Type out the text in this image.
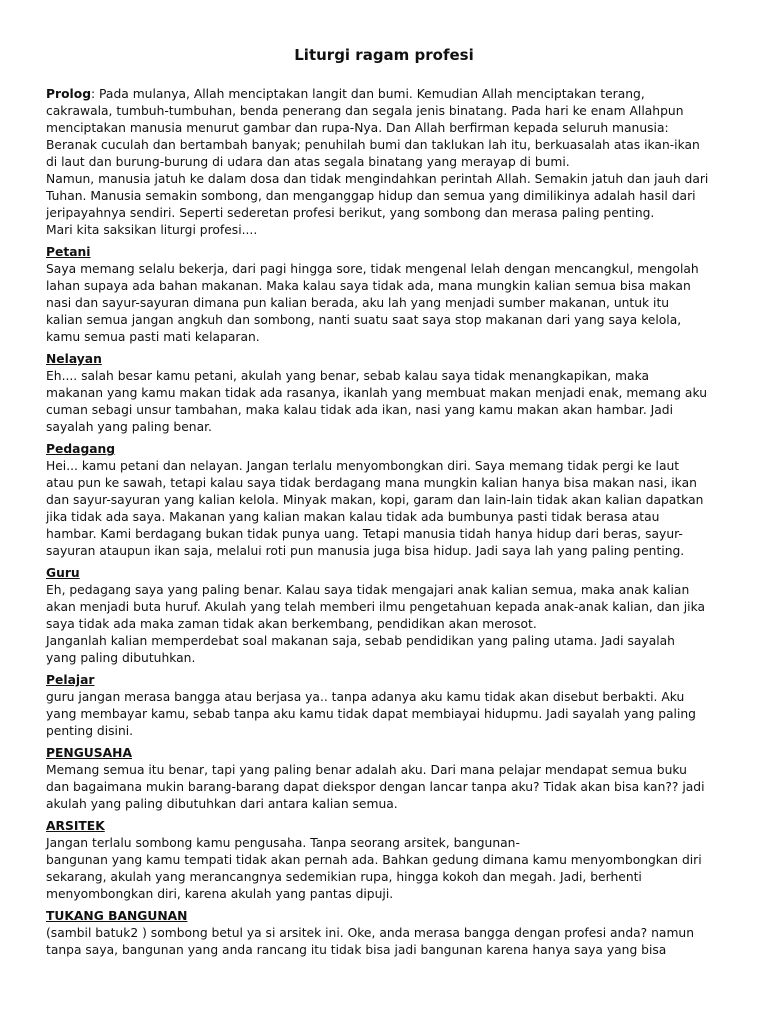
Liturgi ragam profesi
Prolog: Pada mulanya, Allah menciptakan langit dan bumi. Kemudian Allah menciptakan terang,
cakrawala, tumbuh-tumbuhan, benda penerang dan segala jenis binatang. Pada hari ke enam Allahpun
menciptakan manusia menurut gambar dan rupa-Nya. Dan Allah berfirman kepada seluruh manusia:
Beranak cuculah dan bertambah banyak; penuhilah bumi dan taklukan lah itu, berkuasalah atas ikan-ikan
di laut dan burung-burung di udara dan atas segala binatang yang merayap di bumi.
Namun, manusia jatuh ke dalam dosa dan tidak mengindahkan perintah Allah. Semakin jatuh dan jauh dari
Tuhan. Manusia semakin sombong, dan menganggap hidup dan semua yang dimilikinya adalah hasil dari
jeripayahnya sendiri. Seperti sederetan profesi berikut, yang sombong dan merasa paling penting.
Mari kita saksikan liturgi profesi....
Petani
Saya memang selalu bekerja, dari pagi hingga sore, tidak mengenal lelah dengan mencangkul, mengolah
lahan supaya ada bahan makanan. Maka kalau saya tidak ada, mana mungkin kalian semua bisa makan
nasi dan sayur-sayuran dimana pun kalian berada, aku lah yang menjadi sumber makanan, untuk itu
kalian semua jangan angkuh dan sombong, nanti suatu saat saya stop makanan dari yang saya kelola,
kamu semua pasti mati kelaparan.
Nelayan
Eh.... salah besar kamu petani, akulah yang benar, sebab kalau saya tidak menangkapikan, maka
makanan yang kamu makan tidak ada rasanya, ikanlah yang membuat makan menjadi enak, memang aku
cuman sebagi unsur tambahan, maka kalau tidak ada ikan, nasi yang kamu makan akan hambar. Jadi
sayalah yang paling benar.
Pedagang
Hei... kamu petani dan nelayan. Jangan terlalu menyombongkan diri. Saya memang tidak pergi ke laut
atau pun ke sawah, tetapi kalau saya tidak berdagang mana mungkin kalian hanya bisa makan nasi, ikan
dan sayur-sayuran yang kalian kelola. Minyak makan, kopi, garam dan lain-lain tidak akan kalian dapatkan
jika tidak ada saya. Makanan yang kalian makan kalau tidak ada bumbunya pasti tidak berasa atau
hambar. Kami berdagang bukan tidak punya uang. Tetapi manusia tidah hanya hidup dari beras, sayur-
sayuran ataupun ikan saja, melalui roti pun manusia juga bisa hidup. Jadi saya lah yang paling penting.
Guru
Eh, pedagang saya yang paling benar. Kalau saya tidak mengajari anak kalian semua, maka anak kalian
akan menjadi buta huruf. Akulah yang telah memberi ilmu pengetahuan kepada anak-anak kalian, dan jika
saya tidak ada maka zaman tidak akan berkembang, pendidikan akan merosot.
Janganlah kalian memperdebat soal makanan saja, sebab pendidikan yang paling utama. Jadi sayalah
yang paling dibutuhkan.
Pelajar
guru jangan merasa bangga atau berjasa ya.. tanpa adanya aku kamu tidak akan disebut berbakti. Aku
yang membayar kamu, sebab tanpa aku kamu tidak dapat membiayai hidupmu. Jadi sayalah yang paling
penting disini.
PENGUSAHA
Memang semua itu benar, tapi yang paling benar adalah aku. Dari mana pelajar mendapat semua buku
dan bagaimana mukin barang-barang dapat diekspor dengan lancar tanpa aku? Tidak akan bisa kan?? jadi
akulah yang paling dibutuhkan dari antara kalian semua.
ARSITEK
Jangan terlalu sombong kamu pengusaha. Tanpa seorang arsitek, bangunan-
bangunan yang kamu tempati tidak akan pernah ada. Bahkan gedung dimana kamu menyombongkan diri
sekarang, akulah yang merancangnya sedemikian rupa, hingga kokoh dan megah. Jadi, berhenti
menyombongkan diri, karena akulah yang pantas dipuji.
TUKANG BANGUNAN
(sambil batuk2 ) sombong betul ya si arsitek ini. Oke, anda merasa bangga dengan profesi anda? namun
tanpa saya, bangunan yang anda rancang itu tidak bisa jadi bangunan karena hanya saya yang bisa
